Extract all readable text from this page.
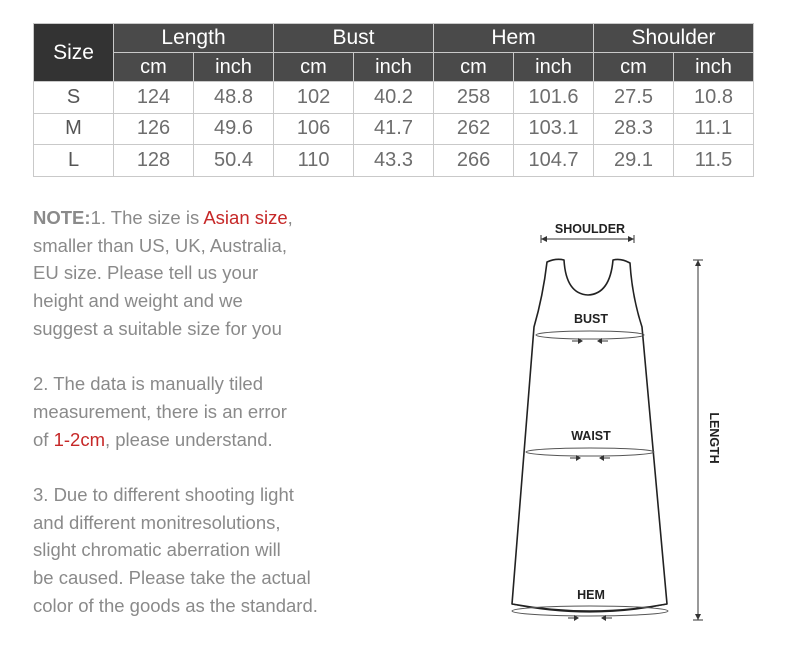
Size	Length		Bust		Hem		Shoulder	
	cm	inch	cm	inch	cm	inch	cm	inch
S	124	48.8	102	40.2	258	101.6	27.5	10.8
M	126	49.6	106	41.7	262	103.1	28.3	11.1
L	128	50.4	110	43.3	266	104.7	29.1	11.5

NOTE:1. The size is Asian size,
smaller than US, UK, Australia,
EU size. Please tell us your
height and weight and we
suggest a suitable size for you

2. The data is manually tiled
measurement, there is an error
of 1-2cm, please understand.

3. Due to different shooting light
and different monitresolutions,
slight chromatic aberration will
be caused. Please take the actual
color of the goods as the standard.

SHOULDER
BUST
WAIST
HEM
LENGTH
